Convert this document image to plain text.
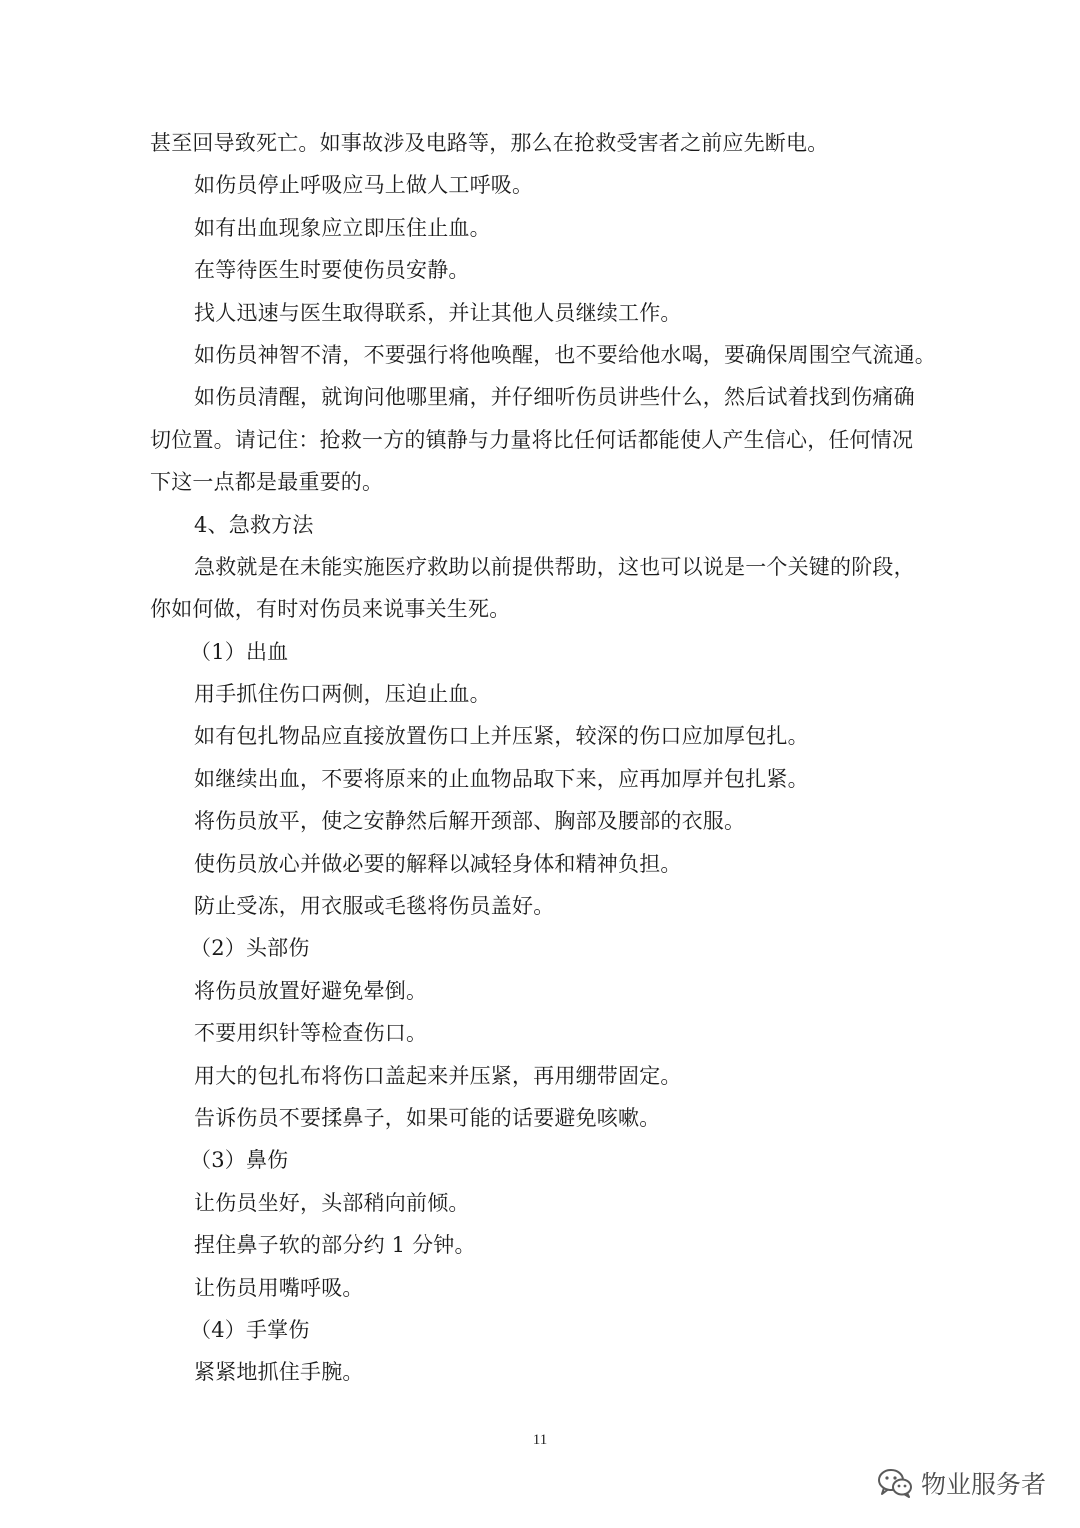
甚至回导致死亡。如事故涉及电路等，那么在抢救受害者之前应先断电。
如伤员停止呼吸应马上做人工呼吸。
如有出血现象应立即压住止血。
在等待医生时要使伤员安静。
找人迅速与医生取得联系，并让其他人员继续工作。
如伤员神智不清，不要强行将他唤醒，也不要给他水喝，要确保周围空气流通。
如伤员清醒，就询问他哪里痛，并仔细听伤员讲些什么，然后试着找到伤痛确
切位置。请记住：抢救一方的镇静与力量将比任何话都能使人产生信心，任何情况
下这一点都是最重要的。
4、急救方法
急救就是在未能实施医疗救助以前提供帮助，这也可以说是一个关键的阶段，
你如何做，有时对伤员来说事关生死。
（1）出血
用手抓住伤口两侧，压迫止血。
如有包扎物品应直接放置伤口上并压紧，较深的伤口应加厚包扎。
如继续出血，不要将原来的止血物品取下来，应再加厚并包扎紧。
将伤员放平，使之安静然后解开颈部、胸部及腰部的衣服。
使伤员放心并做必要的解释以减轻身体和精神负担。
防止受冻，用衣服或毛毯将伤员盖好。
（2）头部伤
将伤员放置好避免晕倒。
不要用织针等检查伤口。
用大的包扎布将伤口盖起来并压紧，再用绷带固定。
告诉伤员不要揉鼻子，如果可能的话要避免咳嗽。
（3）鼻伤
让伤员坐好，头部稍向前倾。
捏住鼻子软的部分约 1 分钟。
让伤员用嘴呼吸。
（4）手掌伤
紧紧地抓住手腕。
11
物业服务者
